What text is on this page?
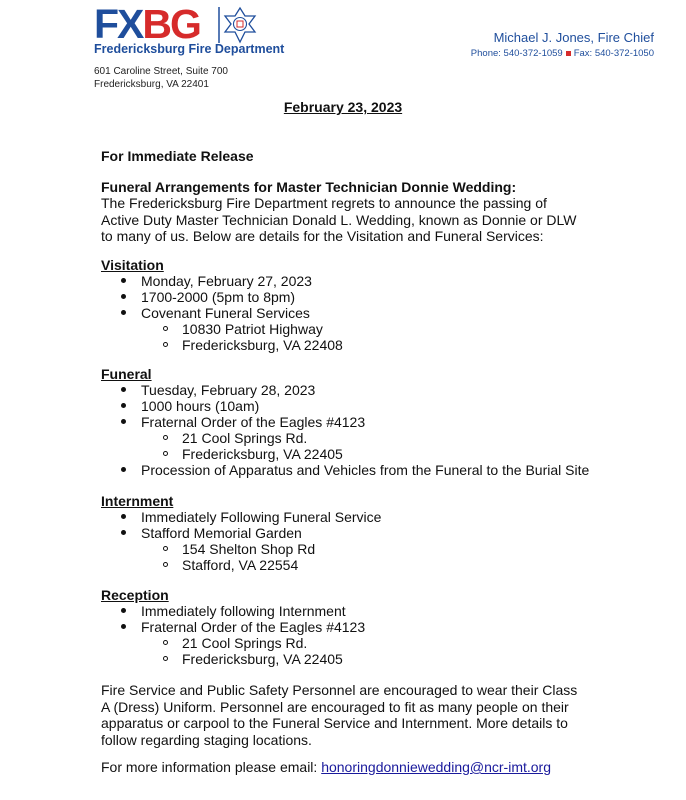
FXBG
Fredericksburg Fire Department
601 Caroline Street, Suite 700
Fredericksburg, VA 22401
Michael J. Jones, Fire Chief
Phone: 540-372-1059 Fax: 540-372-1050
February 23, 2023
For Immediate Release
Funeral Arrangements for Master Technician Donnie Wedding:
The Fredericksburg Fire Department regrets to announce the passing of Active Duty Master Technician Donald L. Wedding, known as Donnie or DLW to many of us. Below are details for the Visitation and Funeral Services:
Visitation
Monday, February 27, 2023
1700-2000 (5pm to 8pm)
Covenant Funeral Services
10830 Patriot Highway
Fredericksburg, VA 22408
Funeral
Tuesday, February 28, 2023
1000 hours (10am)
Fraternal Order of the Eagles #4123
21 Cool Springs Rd.
Fredericksburg, VA 22405
Procession of Apparatus and Vehicles from the Funeral to the Burial Site
Internment
Immediately Following Funeral Service
Stafford Memorial Garden
154 Shelton Shop Rd
Stafford, VA 22554
Reception
Immediately following Internment
Fraternal Order of the Eagles #4123
21 Cool Springs Rd.
Fredericksburg, VA 22405
Fire Service and Public Safety Personnel are encouraged to wear their Class A (Dress) Uniform. Personnel are encouraged to fit as many people on their apparatus or carpool to the Funeral Service and Internment. More details to follow regarding staging locations.
For more information please email: honoringdonniewedding@ncr-imt.org
